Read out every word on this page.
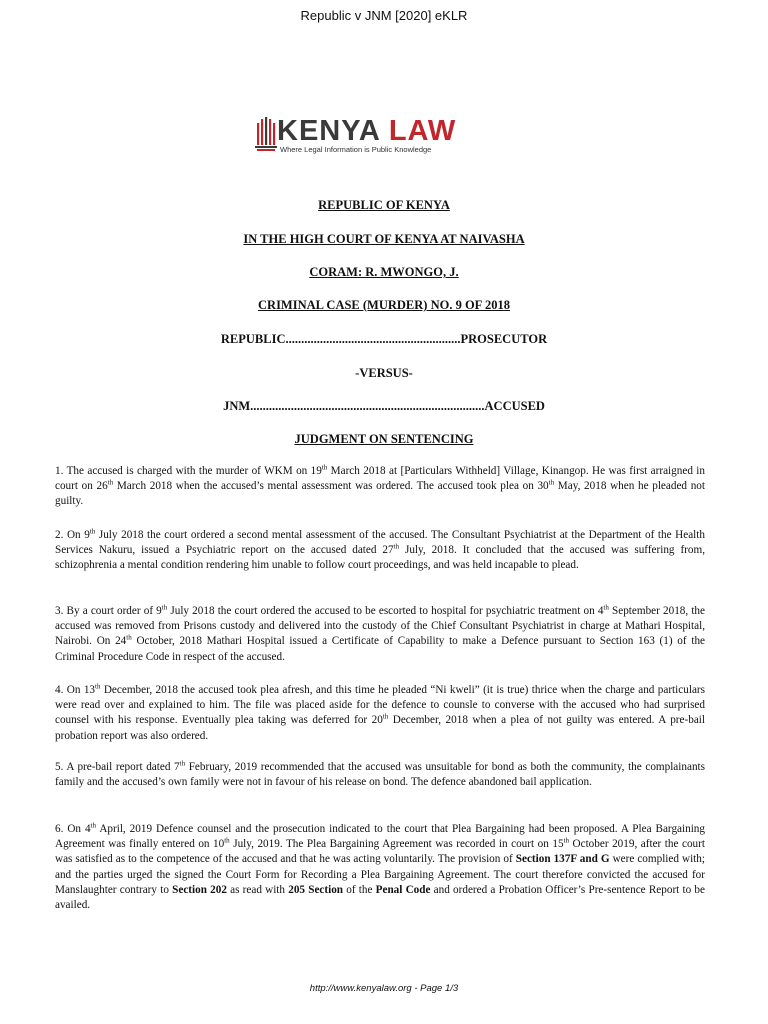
Republic v JNM [2020] eKLR
KENYA LAW
Where Legal Information is Public Knowledge
REPUBLIC OF KENYA
IN THE HIGH COURT OF KENYA AT NAIVASHA
CORAM: R. MWONGO, J.
CRIMINAL CASE (MURDER) NO. 9 OF 2018
REPUBLIC........................................................PROSECUTOR
-VERSUS-
JNM...........................................................................ACCUSED
JUDGMENT ON SENTENCING
1. The accused is charged with the murder of WKM on 19th March 2018 at [Particulars Withheld] Village, Kinangop. He was first arraigned in court on 26th March 2018 when the accused’s mental assessment was ordered. The accused took plea on 30th May, 2018 when he pleaded not guilty.
2. On 9th July 2018 the court ordered a second mental assessment of the accused. The Consultant Psychiatrist at the Department of the Health Services Nakuru, issued a Psychiatric report on the accused dated 27th July, 2018. It concluded that the accused was suffering from, schizophrenia a mental condition rendering him unable to follow court proceedings, and was held incapable to plead.
3. By a court order of 9th July 2018 the court ordered the accused to be escorted to hospital for psychiatric treatment on 4th September 2018, the accused was removed from Prisons custody and delivered into the custody of the Chief Consultant Psychiatrist in charge at Mathari Hospital, Nairobi. On 24th October, 2018 Mathari Hospital issued a Certificate of Capability to make a Defence pursuant to Section 163 (1) of the Criminal Procedure Code in respect of the accused.
4. On 13th December, 2018 the accused took plea afresh, and this time he pleaded “Ni kweli” (it is true) thrice when the charge and particulars were read over and explained to him. The file was placed aside for the defence to counsle to converse with the accused who had surprised counsel with his response. Eventually plea taking was deferred for 20th December, 2018 when a plea of not guilty was entered. A pre-bail probation report was also ordered.
5. A pre-bail report dated 7th February, 2019 recommended that the accused was unsuitable for bond as both the community, the complainants family and the accused’s own family were not in favour of his release on bond. The defence abandoned bail application.
6. On 4th April, 2019 Defence counsel and the prosecution indicated to the court that Plea Bargaining had been proposed. A Plea Bargaining Agreement was finally entered on 10th July, 2019. The Plea Bargaining Agreement was recorded in court on 15th October 2019, after the court was satisfied as to the competence of the accused and that he was acting voluntarily. The provision of Section 137F and G were complied with; and the parties urged the signed the Court Form for Recording a Plea Bargaining Agreement. The court therefore convicted the accused for Manslaughter contrary to Section 202 as read with 205 Section of the Penal Code and ordered a Probation Officer’s Pre-sentence Report to be availed.
http://www.kenyalaw.org - Page 1/3
